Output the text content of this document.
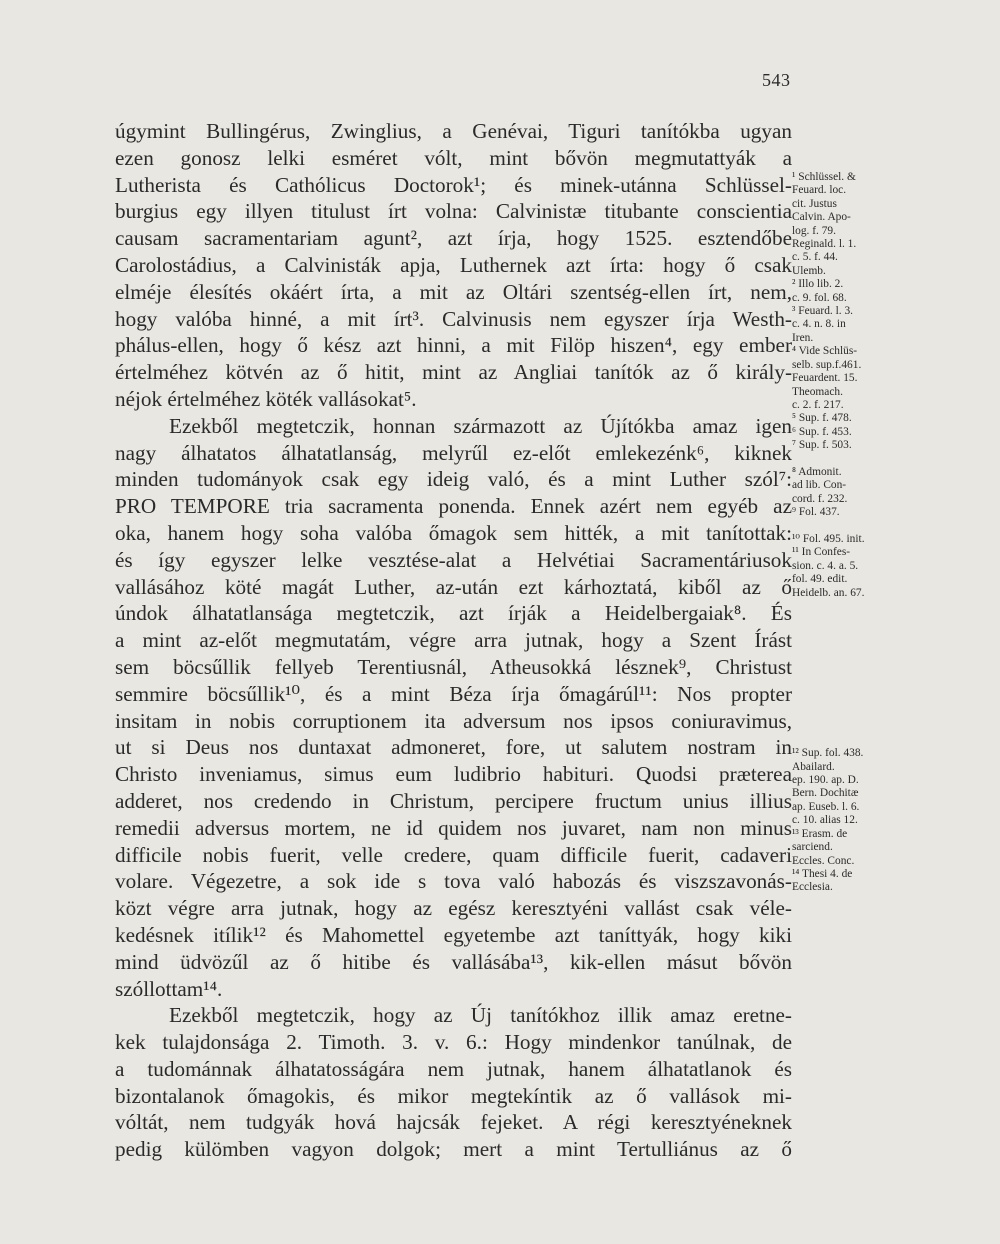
543
úgymint Bullingérus, Zwinglius, a Genévai, Tiguri tanítókba ugyan
ezen gonosz lelki esméret vólt, mint bővön megmutattyák a
Lutherista és Cathólicus Doctorok¹; és minek-utánna Schlüssel-
burgius egy illyen titulust írt volna: Calvinistæ titubante conscientia
causam sacramentariam agunt², azt írja, hogy 1525. esztendőbe
Carolostádius, a Calvinisták apja, Luthernek azt írta: hogy ő csak
elméje élesítés okáért írta, a mit az Oltári szentség-ellen írt, nem,
hogy valóba hinné, a mit írt³. Calvinusis nem egyszer írja Westh-
phálus-ellen, hogy ő kész azt hinni, a mit Filöp hiszen⁴, egy ember
értelméhez kötvén az ő hitit, mint az Angliai tanítók az ő király-
néjok értelméhez köték vallásokat⁵.
Ezekből megtetczik, honnan származott az Újítókba amaz igen
nagy álhatatos álhatatlanság, melyrűl ez-előt emlekezénk⁶, kiknek
minden tudományok csak egy ideig való, és a mint Luther szól⁷:
PRO TEMPORE tria sacramenta ponenda. Ennek azért nem egyéb az
oka, hanem hogy soha valóba őmagok sem hitték, a mit tanítottak:
és így egyszer lelke vesztése-alat a Helvétiai Sacramentáriusok
vallásához köté magát Luther, az-után ezt kárhoztatá, kiből az ő
úndok álhatatlansága megtetczik, azt írják a Heidelbergaiak⁸. És
a mint az-előt megmutatám, végre arra jutnak, hogy a Szent Írást
sem böcsűllik fellyeb Terentiusnál, Atheusokká lésznek⁹, Christust
semmire böcsűllik¹⁰, és a mint Béza írja őmagárúl¹¹: Nos propter
insitam in nobis corruptionem ita adversum nos ipsos coniuravimus,
ut si Deus nos duntaxat admoneret, fore, ut salutem nostram in
Christo inveniamus, simus eum ludibrio habituri. Quodsi præterea
adderet, nos credendo in Christum, percipere fructum unius illius
remedii adversus mortem, ne id quidem nos juvaret, nam non minus
difficile nobis fuerit, velle credere, quam difficile fuerit, cadaveri
volare. Végezetre, a sok ide s tova való habozás és viszszavonás-
közt végre arra jutnak, hogy az egész keresztyéni vallást csak véle-
kedésnek itílik¹² és Mahomettel egyetembe azt taníttyák, hogy kiki
mind üdvözűl az ő hitibe és vallásába¹³, kik-ellen másut bővön
szóllottam¹⁴.
Ezekből megtetczik, hogy az Új tanítókhoz illik amaz eretne-
kek tulajdonsága 2. Timoth. 3. v. 6.: Hogy mindenkor tanúlnak, de
a tudománnak álhatatosságára nem jutnak, hanem álhatatlanok és
bizontalanok őmagokis, és mikor megtekíntik az ő vallások mi-
vóltát, nem tudgyák hová hajcsák fejeket. A régi keresztyéneknek
pedig külömben vagyon dolgok; mert a mint Tertulliánus az ő
¹ Schlüssel. &
Feuard. loc.
cit. Justus
Calvin. Apo-
log. f. 79.
Reginald. l. 1.
c. 5. f. 44.
Ulemb.
² Illo lib. 2.
c. 9. fol. 68.
³ Feuard. l. 3.
c. 4. n. 8. in
Iren.
⁴ Vide Schlüs-
selb. sup.f.461.
Feuardent. 15.
Theomach.
c. 2. f. 217.
⁵ Sup. f. 478.
⁶ Sup. f. 453.
⁷ Sup. f. 503.
⁸ Admonit.
ad lib. Con-
cord. f. 232.
⁹ Fol. 437.
¹⁰ Fol. 495. init.
¹¹ In Confes-
sion. c. 4. a. 5.
fol. 49. edit.
Heidelb. an. 67.
¹² Sup. fol. 438.
Abailard.
ep. 190. ap. D.
Bern. Dochitæ
ap. Euseb. l. 6.
c. 10. alias 12.
¹³ Erasm. de
sarciend.
Eccles. Conc.
¹⁴ Thesi 4. de
Ecclesia.
